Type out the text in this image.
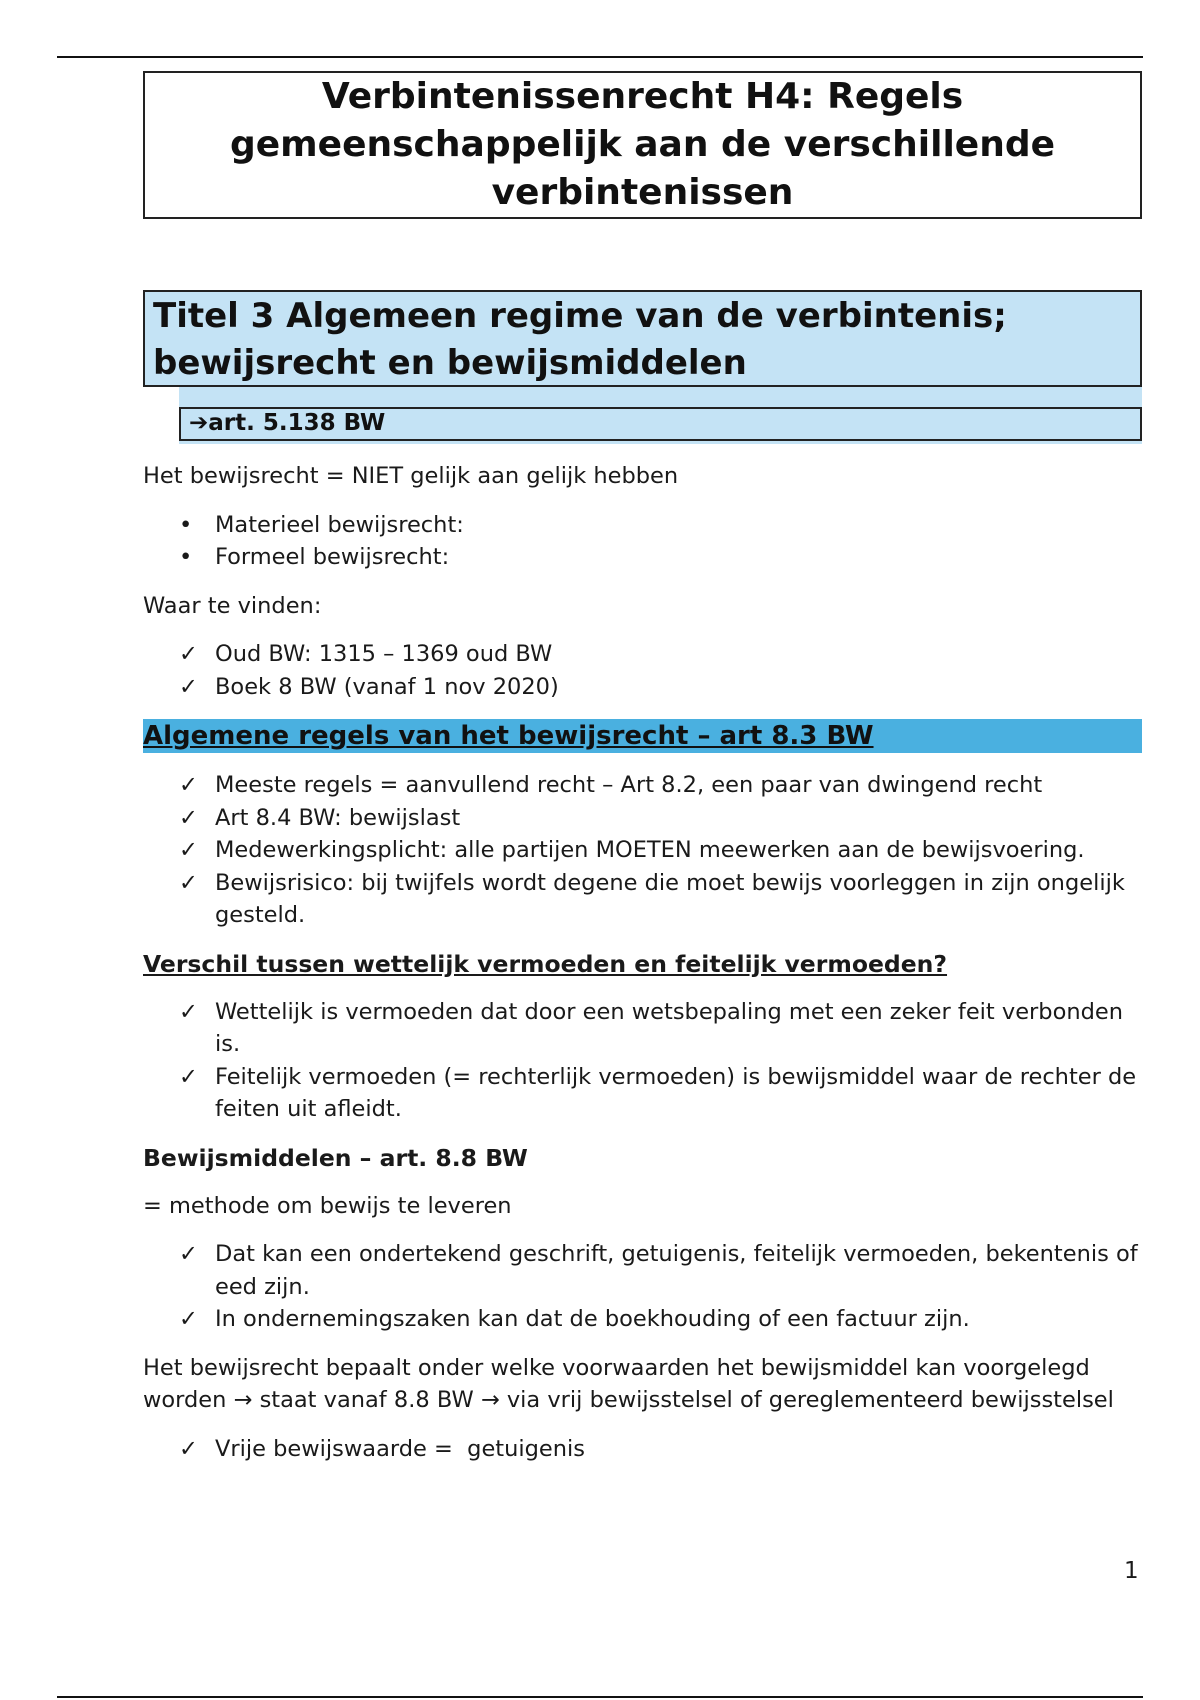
Verbintenissenrecht H4: Regels gemeenschappelijk aan de verschillende verbintenissen
Titel 3 Algemeen regime van de verbintenis; bewijsrecht en bewijsmiddelen
➔art. 5.138 BW

Het bewijsrecht = NIET gelijk aan gelijk hebben

•	Materieel bewijsrecht:
•	Formeel bewijsrecht:

Waar te vinden:

✓ Oud BW: 1315 – 1369 oud BW
✓ Boek 8 BW (vanaf 1 nov 2020)
Algemene regels van het bewijsrecht – art 8.3 BW
✓ Meeste regels = aanvullend recht – Art 8.2, een paar van dwingend recht
✓ Art 8.4 BW: bewijslast
✓ Medewerkingsplicht: alle partijen MOETEN meewerken aan de bewijsvoering.
✓ Bewijsrisico: bij twijfels wordt degene die moet bewijs voorleggen in zijn ongelijk gesteld.
Verschil tussen wettelijk vermoeden en feitelijk vermoeden?
✓ Wettelijk is vermoeden dat door een wetsbepaling met een zeker feit verbonden is.
✓ Feitelijk vermoeden (= rechterlijk vermoeden) is bewijsmiddel waar de rechter de feiten uit afleidt.
Bewijsmiddelen – art. 8.8 BW

= methode om bewijs te leveren

✓ Dat kan een ondertekend geschrift, getuigenis, feitelijk vermoeden, bekentenis of eed zijn.
✓ In ondernemingszaken kan dat de boekhouding of een factuur zijn.

Het bewijsrecht bepaalt onder welke voorwaarden het bewijsmiddel kan voorgelegd worden → staat vanaf 8.8 BW → via vrij bewijsstelsel of gereglementeerd bewijsstelsel

✓ Vrije bewijswaarde =  getuigenis
1
